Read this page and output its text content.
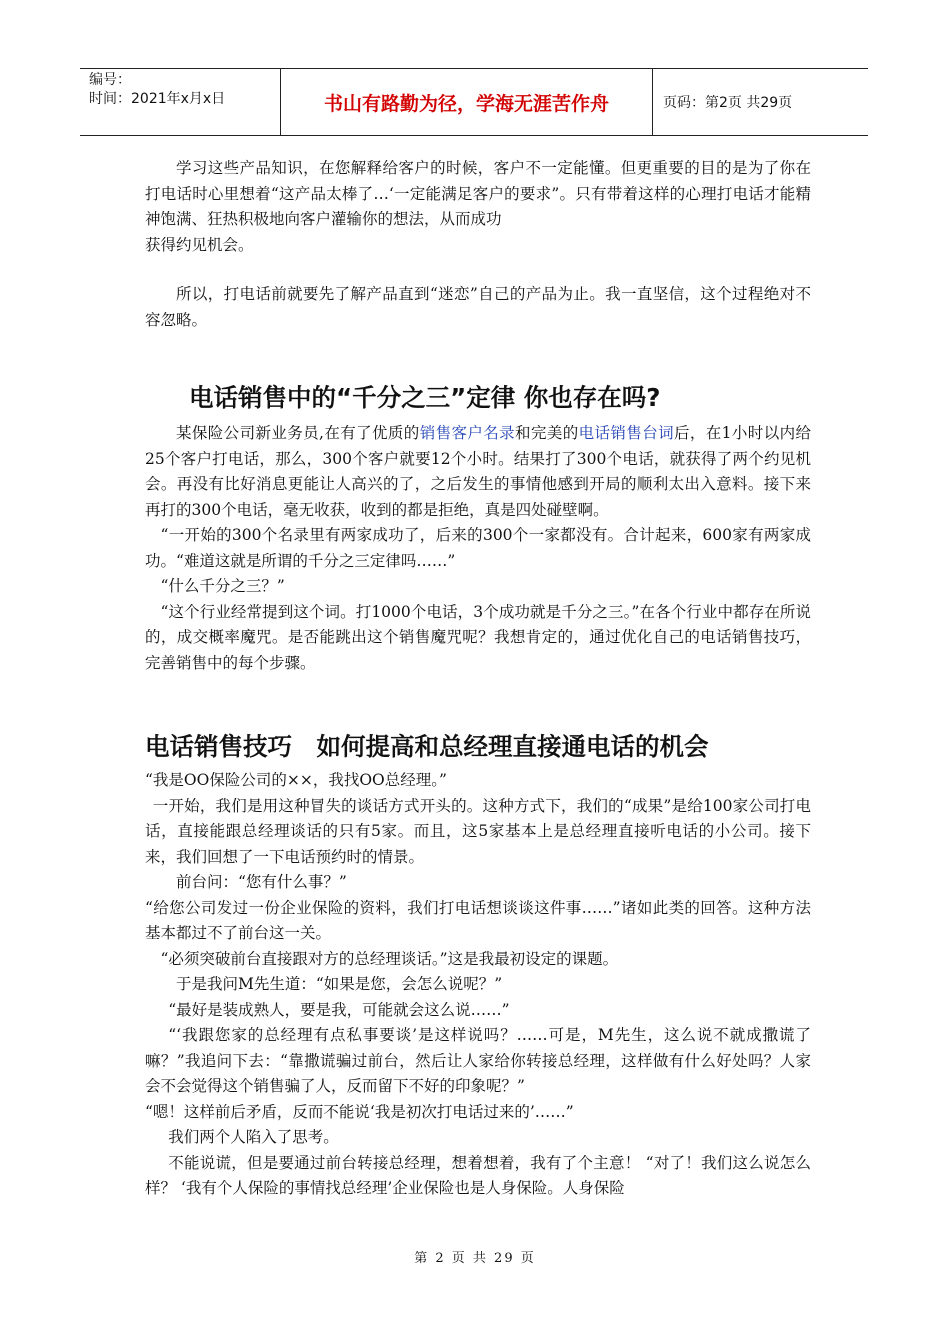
编号：
时间：2021年x月x日	书山有路勤为径，学海无涯苦作舟	页码：第2页 共29页

学习这些产品知识，在您解释给客户的时候，客户不一定能懂。但更重要的目的是为了你在打电话时心里想着“这产品太棒了…‘一定能满足客户的要求”。只有带着这样的心理打电话才能精神饱满、狂热积极地向客户灌输你的想法，从而成功

获得约见机会。

所以，打电话前就要先了解产品直到“迷恋”自己的产品为止。我一直坚信，这个过程绝对不容忽略。

电话销售中的“千分之三”定律 你也存在吗?

某保险公司新业务员,在有了优质的销售客户名录和完美的电话销售台词后，在1小时以内给25个客户打电话，那么，300个客户就要12个小时。结果打了300个电话，就获得了两个约见机会。再没有比好消息更能让人高兴的了，之后发生的事情他感到开局的顺利太出入意料。接下来再打的300个电话，毫无收获，收到的都是拒绝，真是四处碰壁啊。

“一开始的300个名录里有两家成功了，后来的300个一家都没有。合计起来，600家有两家成功。“难道这就是所谓的千分之三定律吗……”

“什么千分之三？”

“这个行业经常提到这个词。打1000个电话，3个成功就是千分之三。”在各个行业中都存在所说的，成交概率魔咒。是否能跳出这个销售魔咒呢？我想肯定的，通过优化自己的电话销售技巧，完善销售中的每个步骤。

电话销售技巧　如何提高和总经理直接通电话的机会

“我是OO保险公司的××，我找OO总经理。”

一开始，我们是用这种冒失的谈话方式开头的。这种方式下，我们的“成果”是给100家公司打电话，直接能跟总经理谈话的只有5家。而且，这5家基本上是总经理直接听电话的小公司。接下来，我们回想了一下电话预约时的情景。

前台问：“您有什么事？”

“给您公司发过一份企业保险的资料，我们打电话想谈谈这件事……”诸如此类的回答。这种方法基本都过不了前台这一关。

“必须突破前台直接跟对方的总经理谈话。”这是我最初设定的课题。

于是我问M先生道：“如果是您，会怎么说呢？”

“最好是装成熟人，要是我，可能就会这么说……”

“‘我跟您家的总经理有点私事要谈’是这样说吗？……可是，M先生，这么说不就成撒谎了嘛？”我追问下去：“靠撒谎骗过前台，然后让人家给你转接总经理，这样做有什么好处吗？人家会不会觉得这个销售骗了人，反而留下不好的印象呢？”

“嗯！这样前后矛盾，反而不能说‘我是初次打电话过来的’……”

我们两个人陷入了思考。

不能说谎，但是要通过前台转接总经理，想着想着，我有了个主意！ “对了！我们这么说怎么样？ ‘我有个人保险的事情找总经理’企业保险也是人身保险。人身保险

第 2 页 共 29 页
